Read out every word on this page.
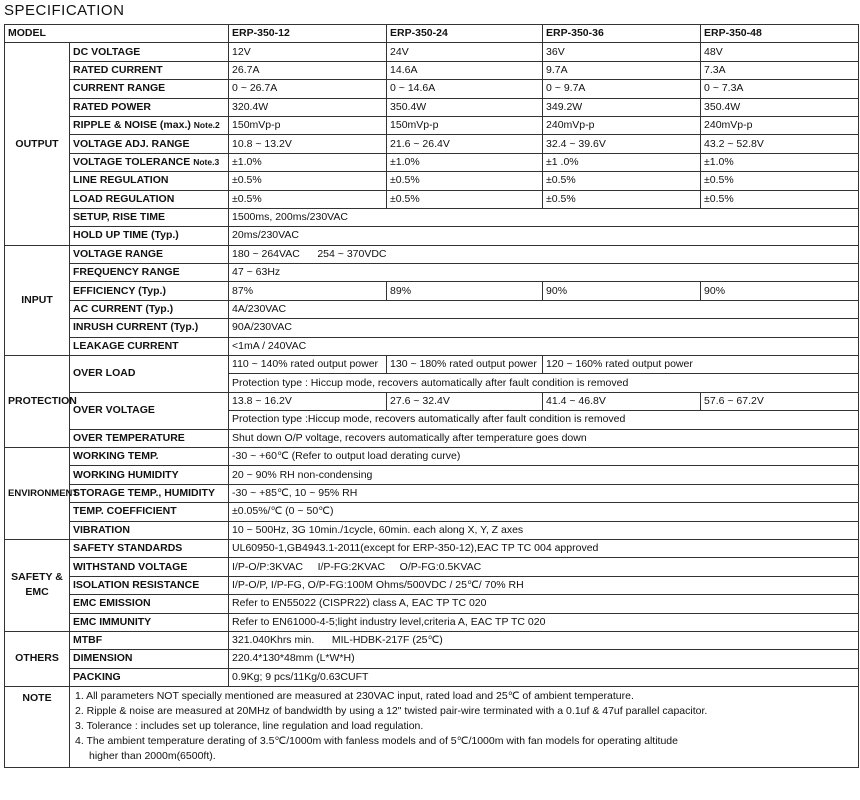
SPECIFICATION
MODEL		ERP-350-12	ERP-350-24	ERP-350-36	ERP-350-48
OUTPUT	DC VOLTAGE	12V	24V	36V	48V
	RATED CURRENT	26.7A	14.6A	9.7A	7.3A
	CURRENT RANGE	0 ~ 26.7A	0 ~ 14.6A	0 ~ 9.7A	0 ~ 7.3A
	RATED POWER	320.4W	350.4W	349.2W	350.4W
	RIPPLE & NOISE (max.) Note.2	150mVp-p	150mVp-p	240mVp-p	240mVp-p
	VOLTAGE ADJ. RANGE	10.8 ~ 13.2V	21.6 ~ 26.4V	32.4 ~ 39.6V	43.2 ~ 52.8V
	VOLTAGE TOLERANCE Note.3	±1.0%	±1.0%	±1 .0%	±1.0%
	LINE REGULATION	±0.5%	±0.5%	±0.5%	±0.5%
	LOAD REGULATION	±0.5%	±0.5%	±0.5%	±0.5%
	SETUP, RISE TIME	1500ms, 200ms/230VAC			
	HOLD UP TIME (Typ.)	20ms/230VAC			
INPUT	VOLTAGE RANGE	180 ~ 264VAC      254 ~ 370VDC			
	FREQUENCY RANGE	47 ~ 63Hz			
	EFFICIENCY (Typ.)	87%	89%	90%	90%
	AC CURRENT (Typ.)	4A/230VAC			
	INRUSH CURRENT (Typ.)	90A/230VAC			
	LEAKAGE CURRENT	<1mA / 240VAC			
PROTECTION	OVER LOAD	110 ~ 140% rated output power	130 ~ 180% rated output power	120 ~ 160% rated output power	
		Protection type : Hiccup mode, recovers automatically after fault condition is removed			
	OVER VOLTAGE	13.8 ~ 16.2V	27.6 ~ 32.4V	41.4 ~ 46.8V	57.6 ~ 67.2V
		Protection type :Hiccup mode, recovers automatically after fault condition is removed			
	OVER TEMPERATURE	Shut down O/P voltage, recovers automatically after temperature goes down			
ENVIRONMENT	WORKING TEMP.	-30 ~ +60℃ (Refer to output load derating curve)			
	WORKING HUMIDITY	20 ~ 90% RH non-condensing			
	STORAGE TEMP., HUMIDITY	-30 ~ +85℃, 10 ~ 95% RH			
	TEMP. COEFFICIENT	±0.05%/℃ (0 ~ 50℃)			
	VIBRATION	10 ~ 500Hz, 3G 10min./1cycle, 60min. each along X, Y, Z axes			
SAFETY &
EMC	SAFETY STANDARDS	UL60950-1,GB4943.1-2011(except for ERP-350-12),EAC TP TC 004 approved			
	WITHSTAND VOLTAGE	I/P-O/P:3KVAC     I/P-FG:2KVAC     O/P-FG:0.5KVAC			
	ISOLATION RESISTANCE	I/P-O/P, I/P-FG, O/P-FG:100M Ohms/500VDC / 25℃/ 70% RH			
	EMC EMISSION	Refer to EN55022 (CISPR22) class A, EAC TP TC 020			
	EMC IMMUNITY	Refer to EN61000-4-5;light industry level,criteria A, EAC TP TC 020			
OTHERS	MTBF	321.040Khrs min.      MIL-HDBK-217F (25℃)			
	DIMENSION	220.4*130*48mm (L*W*H)			
	PACKING	0.9Kg; 9 pcs/11Kg/0.63CUFT			
NOTE	1. All parameters NOT specially mentioned are measured at 230VAC input, rated load and 25℃ of ambient temperature.
2. Ripple & noise are measured at 20MHz of bandwidth by using a 12" twisted pair-wire terminated with a 0.1uf & 47uf parallel capacitor.
3. Tolerance : includes set up tolerance, line regulation and load regulation.
4. The ambient temperature derating of 3.5℃/1000m with fanless models and of 5℃/1000m with fan models for operating altitude
higher than 2000m(6500ft).				
